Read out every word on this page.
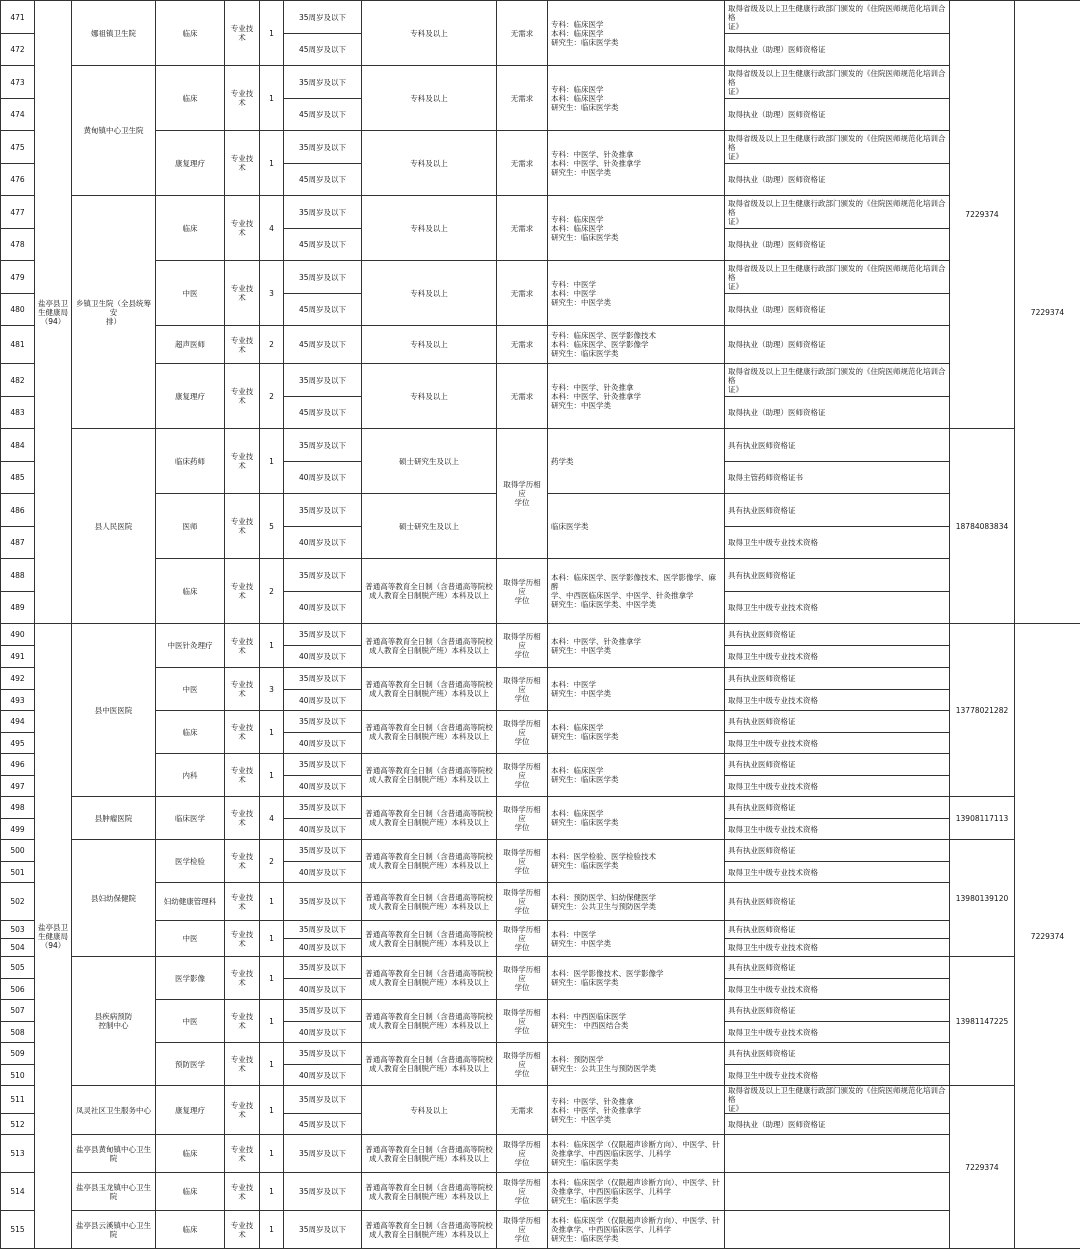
471	盐亭县卫
生健康局
（94）	娜祖镇卫生院	临床	专业技术	1	35周岁及以下	专科及以上	无需求	专科：临床医学
本科：临床医学
研究生：临床医学类	取得省级及以上卫生健康行政部门颁发的《住院医师规范化培训合格
证》	7229374	7229374
472						45周岁及以下				取得执业（助理）医师资格证		
473		黄甸镇中心卫生院	临床	专业技术	1	35周岁及以下	专科及以上	无需求	专科：临床医学
本科：临床医学
研究生：临床医学类	取得省级及以上卫生健康行政部门颁发的《住院医师规范化培训合格
证》		
474						45周岁及以下				取得执业（助理）医师资格证		
475			康复理疗	专业技术	1	35周岁及以下	专科及以上	无需求	专科：中医学、针灸推拿
本科：中医学、针灸推拿学
研究生：中医学类	取得省级及以上卫生健康行政部门颁发的《住院医师规范化培训合格
证》		
476						45周岁及以下				取得执业（助理）医师资格证		
477		乡镇卫生院（全县统筹安
排）	临床	专业技术	4	35周岁及以下	专科及以上	无需求	专科：临床医学
本科：临床医学
研究生：临床医学类	取得省级及以上卫生健康行政部门颁发的《住院医师规范化培训合格
证》		
478						45周岁及以下				取得执业（助理）医师资格证		
479			中医	专业技术	3	35周岁及以下	专科及以上	无需求	专科：中医学
本科：中医学
研究生：中医学类	取得省级及以上卫生健康行政部门颁发的《住院医师规范化培训合格
证》		
480						45周岁及以下				取得执业（助理）医师资格证		
481			超声医师	专业技术	2	45周岁及以下	专科及以上	无需求	专科：临床医学、医学影像技术
本科：临床医学、医学影像学
研究生：临床医学类	取得执业（助理）医师资格证		
482			康复理疗	专业技术	2	35周岁及以下	专科及以上	无需求	专科：中医学、针灸推拿
本科：中医学、针灸推拿学
研究生：中医学类	取得省级及以上卫生健康行政部门颁发的《住院医师规范化培训合格
证》		
483						45周岁及以下				取得执业（助理）医师资格证		
484		县人民医院	临床药师	专业技术	1	35周岁及以下	硕士研究生及以上	取得学历相应
学位	药学类	具有执业医师资格证	18784083834	
485						40周岁及以下				取得主管药师资格证书		
486			医师	专业技术	5	35周岁及以下	硕士研究生及以上		临床医学类	具有执业医师资格证		
487						40周岁及以下				取得卫生中级专业技术资格		
488			临床	专业技术	2	35周岁及以下	普通高等教育全日制（含普通高等院校
成人教育全日制脱产班）本科及以上	取得学历相应
学位	本科：临床医学、医学影像技术、医学影像学、麻醉
学、中西医临床医学、中医学、针灸推拿学
研究生：临床医学类、中医学类	具有执业医师资格证		
489						40周岁及以下				取得卫生中级专业技术资格		
490	盐亭县卫
生健康局
（94）	县中医医院	中医针灸理疗	专业技术	1	35周岁及以下	普通高等教育全日制（含普通高等院校
成人教育全日制脱产班）本科及以上	取得学历相应
学位	本科：中医学、针灸推拿学
研究生：中医学类	具有执业医师资格证	13778021282	7229374
491						40周岁及以下				取得卫生中级专业技术资格		
492			中医	专业技术	3	35周岁及以下	普通高等教育全日制（含普通高等院校
成人教育全日制脱产班）本科及以上	取得学历相应
学位	本科：中医学
研究生：中医学类	具有执业医师资格证		
493						40周岁及以下				取得卫生中级专业技术资格		
494			临床	专业技术	1	35周岁及以下	普通高等教育全日制（含普通高等院校
成人教育全日制脱产班）本科及以上	取得学历相应
学位	本科：临床医学
研究生：临床医学类	具有执业医师资格证		
495						40周岁及以下				取得卫生中级专业技术资格		
496			内科	专业技术	1	35周岁及以下	普通高等教育全日制（含普通高等院校
成人教育全日制脱产班）本科及以上	取得学历相应
学位	本科：临床医学
研究生：临床医学类	具有执业医师资格证		
497						40周岁及以下				取得卫生中级专业技术资格		
498		县肿瘤医院	临床医学	专业技术	4	35周岁及以下	普通高等教育全日制（含普通高等院校
成人教育全日制脱产班）本科及以上	取得学历相应
学位	本科：临床医学
研究生：临床医学类	具有执业医师资格证	13908117113	
499						40周岁及以下				取得卫生中级专业技术资格		
500		县妇幼保健院	医学检验	专业技术	2	35周岁及以下	普通高等教育全日制（含普通高等院校
成人教育全日制脱产班）本科及以上	取得学历相应
学位	本科：医学检验、医学检验技术
研究生：临床医学类	具有执业医师资格证	13980139120	
501						40周岁及以下				取得卫生中级专业技术资格		
502			妇幼健康管理科	专业技术	1	35周岁及以下	普通高等教育全日制（含普通高等院校
成人教育全日制脱产班）本科及以上	取得学历相应
学位	本科：预防医学、妇幼保健医学
研究生：公共卫生与预防医学类	具有执业医师资格证		
503			中医	专业技术	1	35周岁及以下	普通高等教育全日制（含普通高等院校
成人教育全日制脱产班）本科及以上	取得学历相应
学位	本科：中医学
研究生：中医学类	具有执业医师资格证		
504						40周岁及以下				取得卫生中级专业技术资格		
505		县疾病预防
控制中心	医学影像	专业技术	1	35周岁及以下	普通高等教育全日制（含普通高等院校
成人教育全日制脱产班）本科及以上	取得学历相应
学位	本科：医学影像技术、医学影像学
研究生：临床医学类	具有执业医师资格证	13981147225	
506						40周岁及以下				取得卫生中级专业技术资格		
507			中医	专业技术	1	35周岁及以下	普通高等教育全日制（含普通高等院校
成人教育全日制脱产班）本科及以上	取得学历相应
学位	本科：中西医临床医学
研究生： 中西医结合类	具有执业医师资格证		
508						40周岁及以下				取得卫生中级专业技术资格		
509			预防医学	专业技术	1	35周岁及以下	普通高等教育全日制（含普通高等院校
成人教育全日制脱产班）本科及以上	取得学历相应
学位	本科：预防医学
研究生：公共卫生与预防医学类	具有执业医师资格证		
510						40周岁及以下				取得卫生中级专业技术资格		
511		凤灵社区卫生服务中心	康复理疗	专业技术	1	35周岁及以下	专科及以上	无需求	专科：中医学、针灸推拿
本科：中医学、针灸推拿学
研究生：中医学类	取得省级及以上卫生健康行政部门颁发的《住院医师规范化培训合格
证》	7229374	
512						45周岁及以下				取得执业（助理）医师资格证		
513		盐亭县黄甸镇中心卫生院	临床	专业技术	1	35周岁及以下	普通高等教育全日制（含普通高等院校
成人教育全日制脱产班）本科及以上	取得学历相应
学位	本科：临床医学（仅限超声诊断方向）、中医学、针
灸推拿学、中西医临床医学、儿科学
研究生：临床医学类			
514		盐亭县玉龙镇中心卫生院	临床	专业技术	1	35周岁及以下	普通高等教育全日制（含普通高等院校
成人教育全日制脱产班）本科及以上	取得学历相应
学位	本科：临床医学（仅限超声诊断方向）、中医学、针
灸推拿学、中西医临床医学、儿科学
研究生：临床医学类			
515		盐亭县云溪镇中心卫生院	临床	专业技术	1	35周岁及以下	普通高等教育全日制（含普通高等院校
成人教育全日制脱产班）本科及以上	取得学历相应
学位	本科：临床医学（仅限超声诊断方向）、中医学、针
灸推拿学、中西医临床医学、儿科学
研究生：临床医学类			
